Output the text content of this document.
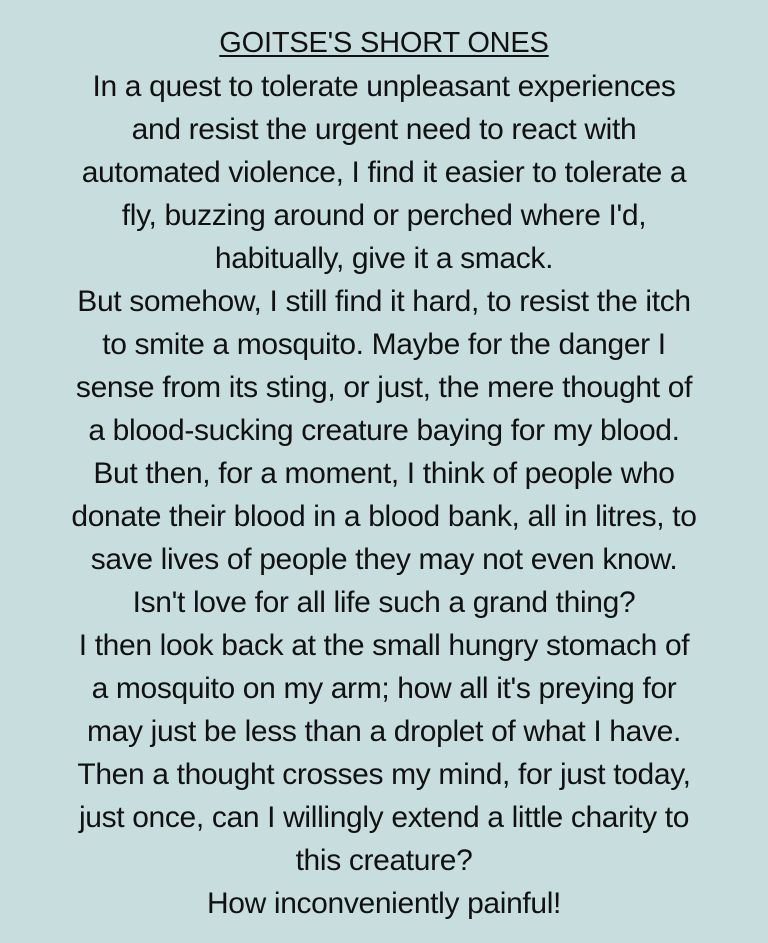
GOITSE'S SHORT ONES
In a quest to tolerate unpleasant experiences
and resist the urgent need to react with
automated violence, I find it easier to tolerate a
fly, buzzing around or perched where I'd,
habitually, give it a smack.
But somehow, I still find it hard, to resist the itch
to smite a mosquito. Maybe for the danger I
sense from its sting, or just, the mere thought of
a blood-sucking creature baying for my blood.
But then, for a moment, I think of people who
donate their blood in a blood bank, all in litres, to
save lives of people they may not even know.
Isn't love for all life such a grand thing?
I then look back at the small hungry stomach of
a mosquito on my arm; how all it's preying for
may just be less than a droplet of what I have.
Then a thought crosses my mind, for just today,
just once, can I willingly extend a little charity to
this creature?
How inconveniently painful!
